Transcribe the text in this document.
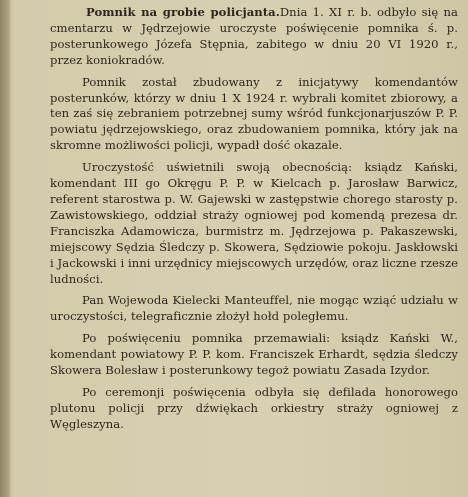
Pomnik na grobie policjanta.Dnia 1. XI r. b. odbyło się na cmentarzu w Jędrzejowie uroczyste poświęcenie pomnika ś. p. posterunkowego Józefa Stępnia, zabitego w dniu 20 VI 1920 r., przez koniokradów.

Pomnik został zbudowany z inicjatywy komendantów posterunków, którzy w dniu 1 X 1924 r. wybrali komitet zbiorowy, a ten zaś się zebraniem potrzebnej sumy wśród funkcjonarjuszów P. P. powiatu jędrzejowskiego, oraz zbudowaniem pomnika, który jak na skromne możliwości policji, wypadł dość okazale.

Uroczystość uświetnili swoją obecnością: ksiądz Kański, komendant III go Okręgu P. P. w Kielcach p. Jarosław Barwicz, referent starostwa p. W. Gajewski w zastępstwie chorego starosty p. Zawistowskiego, oddział straży ogniowej pod komendą prezesa dr. Franciszka Adamowicza, burmistrz m. Jędrzejowa p. Pakaszewski, miejscowy Sędzia Śledczy p. Skowera, Sędziowie pokoju. Jaskłowski i Jackowski i inni urzędnicy miejscowych urzędów, oraz liczne rzesze ludności.

Pan Wojewoda Kielecki Manteuffel, nie mogąc wziąć udziału w uroczystości, telegraficznie złożył hołd poległemu.

Po poświęceniu pomnika przemawiali: ksiądz Kański W., komendant powiatowy P. P. kom. Franciszek Erhardt, sędzia śledczy Skowera Bolesław i posterunkowy tegoż powiatu Zasada Izydor.

Po ceremonji poświęcenia odbyła się defilada honorowego plutonu policji przy dźwiękach orkiestry straży ogniowej z Węgleszyna.
